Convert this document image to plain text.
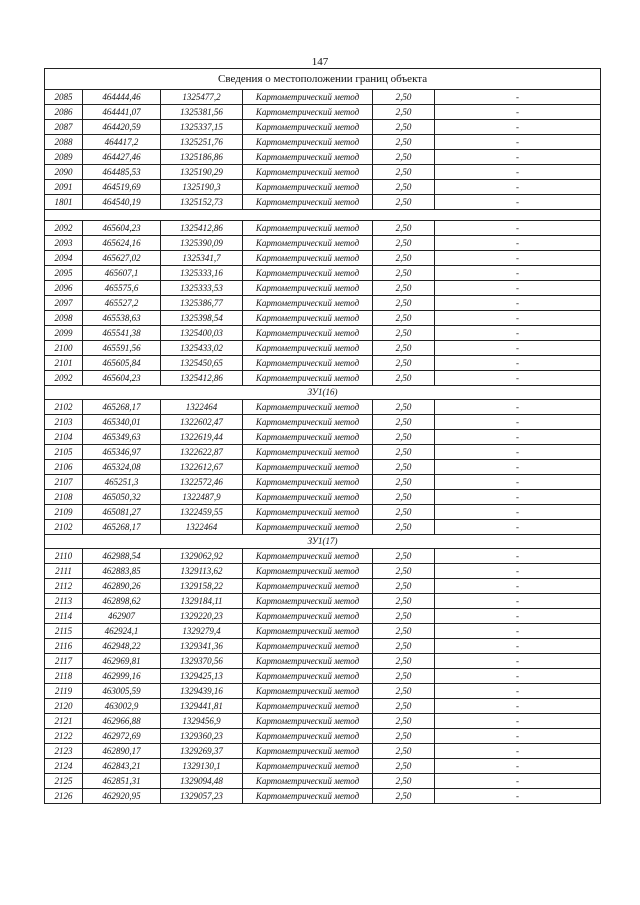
147
Сведения о местоположении границ объекта					
2085	464444,46	1325477,2	Картометрический метод	2,50	-
2086	464441,07	1325381,56	Картометрический метод	2,50	-
2087	464420,59	1325337,15	Картометрический метод	2,50	-
2088	464417,2	1325251,76	Картометрический метод	2,50	-
2089	464427,46	1325186,86	Картометрический метод	2,50	-
2090	464485,53	1325190,29	Картометрический метод	2,50	-
2091	464519,69	1325190,3	Картометрический метод	2,50	-
1801	464540,19	1325152,73	Картометрический метод	2,50	-

2092	465604,23	1325412,86	Картометрический метод	2,50	-
2093	465624,16	1325390,09	Картометрический метод	2,50	-
2094	465627,02	1325341,7	Картометрический метод	2,50	-
2095	465607,1	1325333,16	Картометрический метод	2,50	-
2096	465575,6	1325333,53	Картометрический метод	2,50	-
2097	465527,2	1325386,77	Картометрический метод	2,50	-
2098	465538,63	1325398,54	Картометрический метод	2,50	-
2099	465541,38	1325400,03	Картометрический метод	2,50	-
2100	465591,56	1325433,02	Картометрический метод	2,50	-
2101	465605,84	1325450,65	Картометрический метод	2,50	-
2092	465604,23	1325412,86	Картометрический метод	2,50	-
ЗУ1(16)					
2102	465268,17	1322464	Картометрический метод	2,50	-
2103	465340,01	1322602,47	Картометрический метод	2,50	-
2104	465349,63	1322619,44	Картометрический метод	2,50	-
2105	465346,97	1322622,87	Картометрический метод	2,50	-
2106	465324,08	1322612,67	Картометрический метод	2,50	-
2107	465251,3	1322572,46	Картометрический метод	2,50	-
2108	465050,32	1322487,9	Картометрический метод	2,50	-
2109	465081,27	1322459,55	Картометрический метод	2,50	-
2102	465268,17	1322464	Картометрический метод	2,50	-
ЗУ1(17)					
2110	462988,54	1329062,92	Картометрический метод	2,50	-
2111	462883,85	1329113,62	Картометрический метод	2,50	-
2112	462890,26	1329158,22	Картометрический метод	2,50	-
2113	462898,62	1329184,11	Картометрический метод	2,50	-
2114	462907	1329220,23	Картометрический метод	2,50	-
2115	462924,1	1329279,4	Картометрический метод	2,50	-
2116	462948,22	1329341,36	Картометрический метод	2,50	-
2117	462969,81	1329370,56	Картометрический метод	2,50	-
2118	462999,16	1329425,13	Картометрический метод	2,50	-
2119	463005,59	1329439,16	Картометрический метод	2,50	-
2120	463002,9	1329441,81	Картометрический метод	2,50	-
2121	462966,88	1329456,9	Картометрический метод	2,50	-
2122	462972,69	1329360,23	Картометрический метод	2,50	-
2123	462890,17	1329269,37	Картометрический метод	2,50	-
2124	462843,21	1329130,1	Картометрический метод	2,50	-
2125	462851,31	1329094,48	Картометрический метод	2,50	-
2126	462920,95	1329057,23	Картометрический метод	2,50	-
